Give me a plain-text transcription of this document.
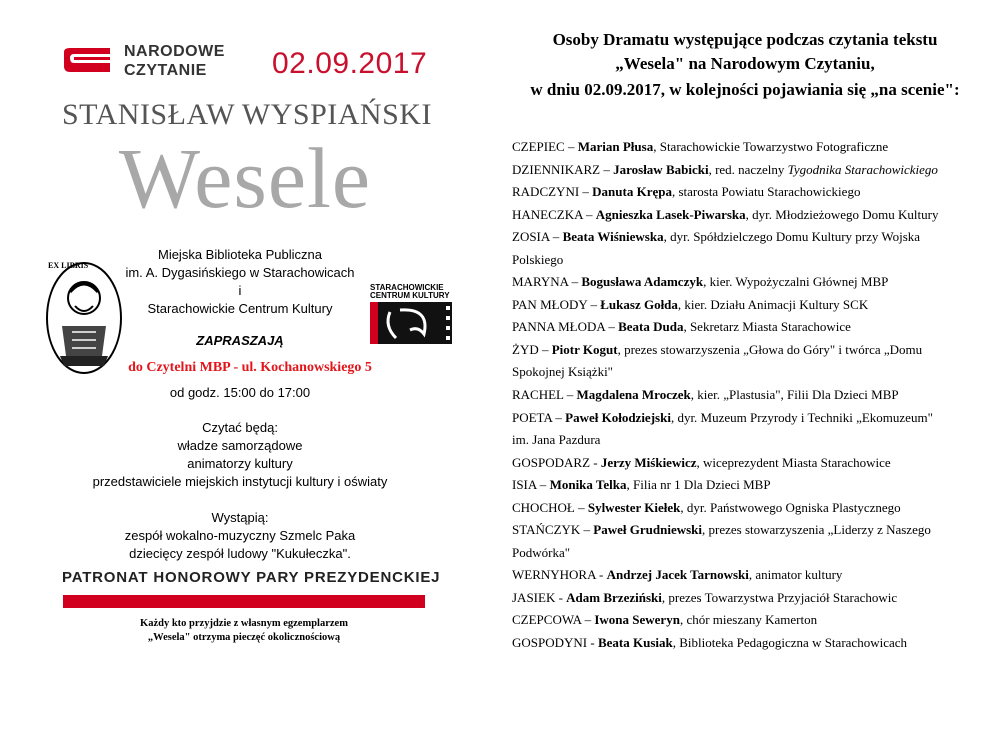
NARODOWE
CZYTANIE	02.09.2017
STANISŁAW WYSPIAŃSKI
Wesele
EX LIBRIS
STARACHOWICKIE
CENTRUM KULTURY
Miejska Biblioteka Publiczna
im. A. Dygasińskiego w Starachowicach
i
Starachowickie Centrum Kultury
ZAPRASZAJĄ
do Czytelni MBP - ul. Kochanowskiego 5
od godz. 15:00 do 17:00
Czytać będą:
władze samorządowe
animatorzy kultury
przedstawiciele miejskich instytucji kultury i oświaty
Wystąpią:
zespół wokalno-muzyczny Szmelc Paka
dziecięcy zespół ludowy "Kukułeczka".
PATRONAT HONOROWY PARY PREZYDENCKIEJ
Każdy kto przyjdzie z własnym egzemplarzem
„Wesela" otrzyma pieczęć okolicznościową
Osoby Dramatu występujące podczas czytania tekstu
„Wesela" na Narodowym Czytaniu,
w dniu 02.09.2017, w kolejności pojawiania się „na scenie":
CZEPIEC – Marian Płusa, Starachowickie Towarzystwo Fotograficzne
DZIENNIKARZ – Jarosław Babicki, red. naczelny Tygodnika Starachowickiego
RADCZYNI – Danuta Krępa, starosta Powiatu Starachowickiego
HANECZKA – Agnieszka Lasek-Piwarska, dyr. Młodzieżowego Domu Kultury
ZOSIA – Beata Wiśniewska, dyr. Spółdzielczego Domu Kultury przy Wojska
Polskiego
MARYNA – Bogusława Adamczyk, kier. Wypożyczalni Głównej MBP
PAN MŁODY – Łukasz Gołda, kier. Działu Animacji Kultury SCK
PANNA MŁODA – Beata Duda, Sekretarz Miasta Starachowice
ŻYD – Piotr Kogut, prezes stowarzyszenia „Głowa do Góry" i twórca „Domu
Spokojnej Książki"
RACHEL – Magdalena Mroczek, kier. „Plastusia", Filii Dla Dzieci MBP
POETA – Paweł Kołodziejski, dyr. Muzeum Przyrody i Techniki „Ekomuzeum"
im. Jana Pazdura
GOSPODARZ - Jerzy Miśkiewicz, wiceprezydent Miasta Starachowice
ISIA – Monika Telka, Filia nr 1 Dla Dzieci MBP
CHOCHOŁ – Sylwester Kiełek, dyr. Państwowego Ogniska Plastycznego
STAŃCZYK – Paweł Grudniewski, prezes stowarzyszenia „Liderzy z Naszego
Podwórka"
WERNYHORA - Andrzej Jacek Tarnowski, animator kultury
JASIEK - Adam Brzeziński, prezes Towarzystwa Przyjaciół Starachowic
CZEPCOWA – Iwona Seweryn, chór mieszany Kamerton
GOSPODYNI - Beata Kusiak, Biblioteka Pedagogiczna w Starachowicach
